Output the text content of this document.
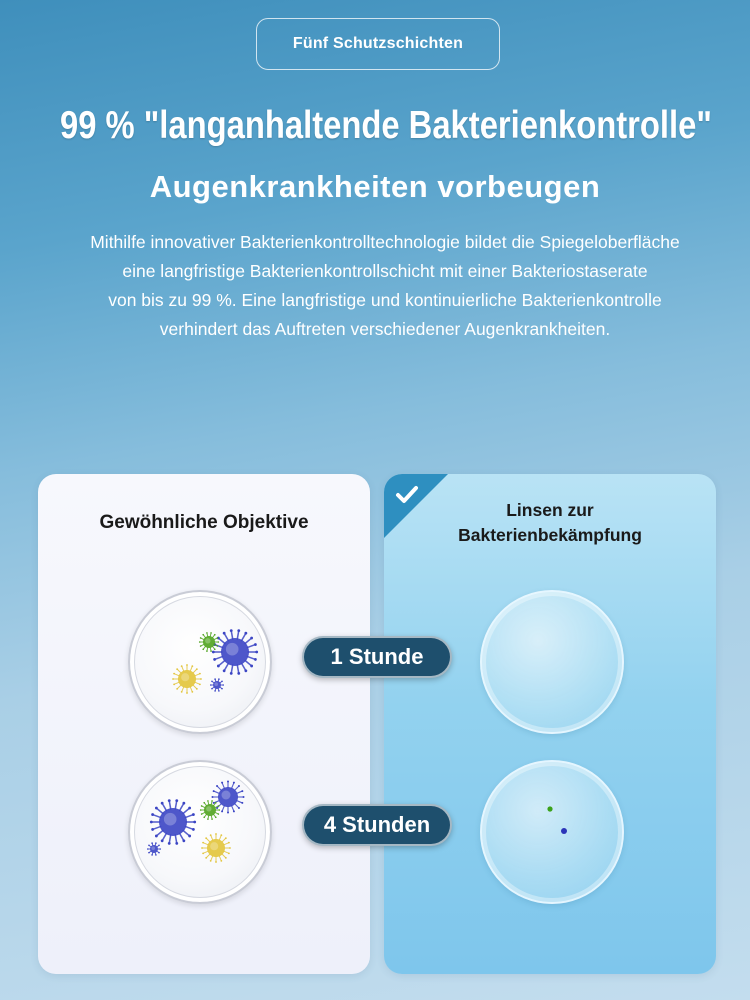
Fünf Schutzschichten
99 % "langanhaltende Bakterienkontrolle"
Augenkrankheiten vorbeugen
Mithilfe innovativer Bakterienkontrolltechnologie bildet die Spiegeloberfläche
eine langfristige Bakterienkontrollschicht mit einer Bakteriostaserate
von bis zu 99 %. Eine langfristige und kontinuierliche Bakterienkontrolle
verhindert das Auftreten verschiedener Augenkrankheiten.
Gewöhnliche Objektive
Linsen zur
Bakterienbekämpfung
1 Stunde
4 Stunden
